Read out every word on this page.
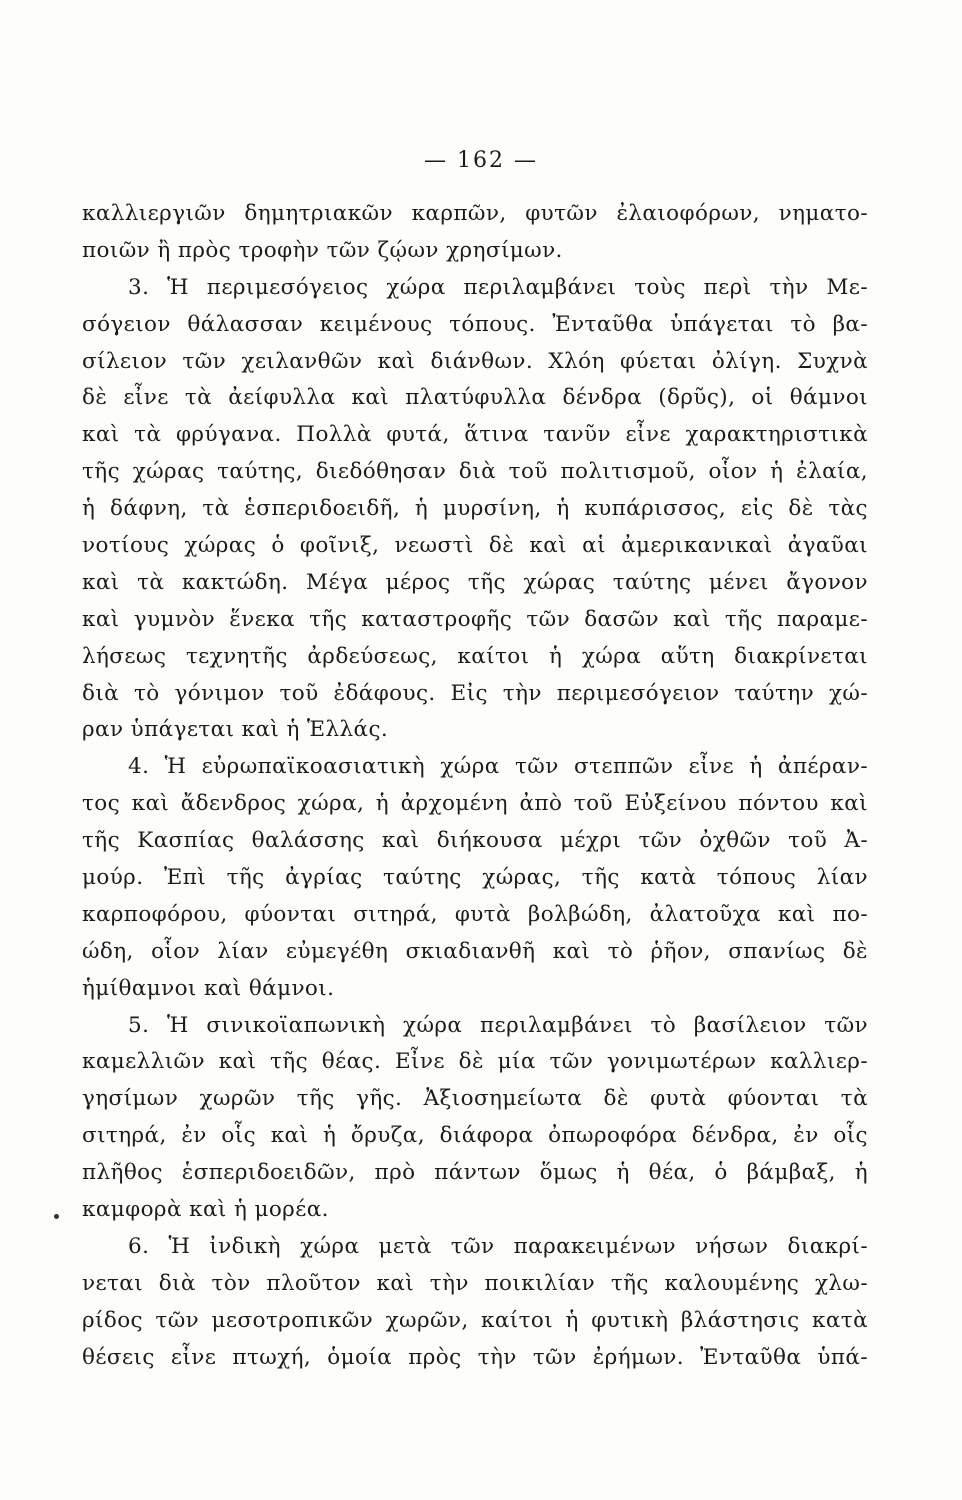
— 162 —
καλλιεργιῶν δημητριακῶν καρπῶν, φυτῶν ἐλαιοφόρων, νηματο-
ποιῶν ἢ πρὸς τροφὴν τῶν ζῴων χρησίμων.
3. Ἡ περιμεσόγειος χώρα περιλαμβάνει τοὺς περὶ τὴν Με-
σόγειον θάλασσαν κειμένους τόπους. Ἐνταῦθα ὑπάγεται τὸ βα-
σίλειον τῶν χειλανθῶν καὶ διάνθων. Χλόη φύεται ὀλίγη. Συχνὰ
δὲ εἶνε τὰ ἀείφυλλα καὶ πλατύφυλλα δένδρα (δρῦς), οἱ θάμνοι
καὶ τὰ φρύγανα. Πολλὰ φυτά, ἅτινα τανῦν εἶνε χαρακτηριστικὰ
τῆς χώρας ταύτης, διεδόθησαν διὰ τοῦ πολιτισμοῦ, οἷον ἡ ἐλαία,
ἡ δάφνη, τὰ ἑσπεριδοειδῆ, ἡ μυρσίνη, ἡ κυπάρισσος, εἰς δὲ τὰς
νοτίους χώρας ὁ φοῖνιξ, νεωστὶ δὲ καὶ αἱ ἀμερικανικαὶ ἀγαῦαι
καὶ τὰ κακτώδη. Μέγα μέρος τῆς χώρας ταύτης μένει ἄγονον
καὶ γυμνὸν ἕνεκα τῆς καταστροφῆς τῶν δασῶν καὶ τῆς παραμε-
λήσεως τεχνητῆς ἀρδεύσεως, καίτοι ἡ χώρα αὕτη διακρίνεται
διὰ τὸ γόνιμον τοῦ ἐδάφους. Εἰς τὴν περιμεσόγειον ταύτην χώ-
ραν ὑπάγεται καὶ ἡ Ἑλλάς.
4. Ἡ εὐρωπαϊκοασιατικὴ χώρα τῶν στεππῶν εἶνε ἡ ἀπέραν-
τος καὶ ἄδενδρος χώρα, ἡ ἀρχομένη ἀπὸ τοῦ Εὐξείνου πόντου καὶ
τῆς Κασπίας θαλάσσης καὶ διήκουσα μέχρι τῶν ὀχθῶν τοῦ Ἀ-
μούρ. Ἐπὶ τῆς ἀγρίας ταύτης χώρας, τῆς κατὰ τόπους λίαν
καρποφόρου, φύονται σιτηρά, φυτὰ βολβώδη, ἀλατοῦχα καὶ πο-
ώδη, οἷον λίαν εὐμεγέθη σκιαδιανθῆ καὶ τὸ ῥῆον, σπανίως δὲ
ἡμίθαμνοι καὶ θάμνοι.
5. Ἡ σινικοϊαπωνικὴ χώρα περιλαμβάνει τὸ βασίλειον τῶν
καμελλιῶν καὶ τῆς θέας. Εἶνε δὲ μία τῶν γονιμωτέρων καλλιερ-
γησίμων χωρῶν τῆς γῆς. Ἀξιοσημείωτα δὲ φυτὰ φύονται τὰ
σιτηρά, ἐν οἷς καὶ ἡ ὄρυζα, διάφορα ὀπωροφόρα δένδρα, ἐν οἷς
πλῆθος ἑσπεριδοειδῶν, πρὸ πάντων ὅμως ἡ θέα, ὁ βάμβαξ, ἡ
καμφορὰ καὶ ἡ μορέα.
6. Ἡ ἰνδικὴ χώρα μετὰ τῶν παρακειμένων νήσων διακρί-
νεται διὰ τὸν πλοῦτον καὶ τὴν ποικιλίαν τῆς καλουμένης χλω-
ρίδος τῶν μεσοτροπικῶν χωρῶν, καίτοι ἡ φυτικὴ βλάστησις κατὰ
θέσεις εἶνε πτωχή, ὁμοία πρὸς τὴν τῶν ἐρήμων. Ἐνταῦθα ὑπά-
